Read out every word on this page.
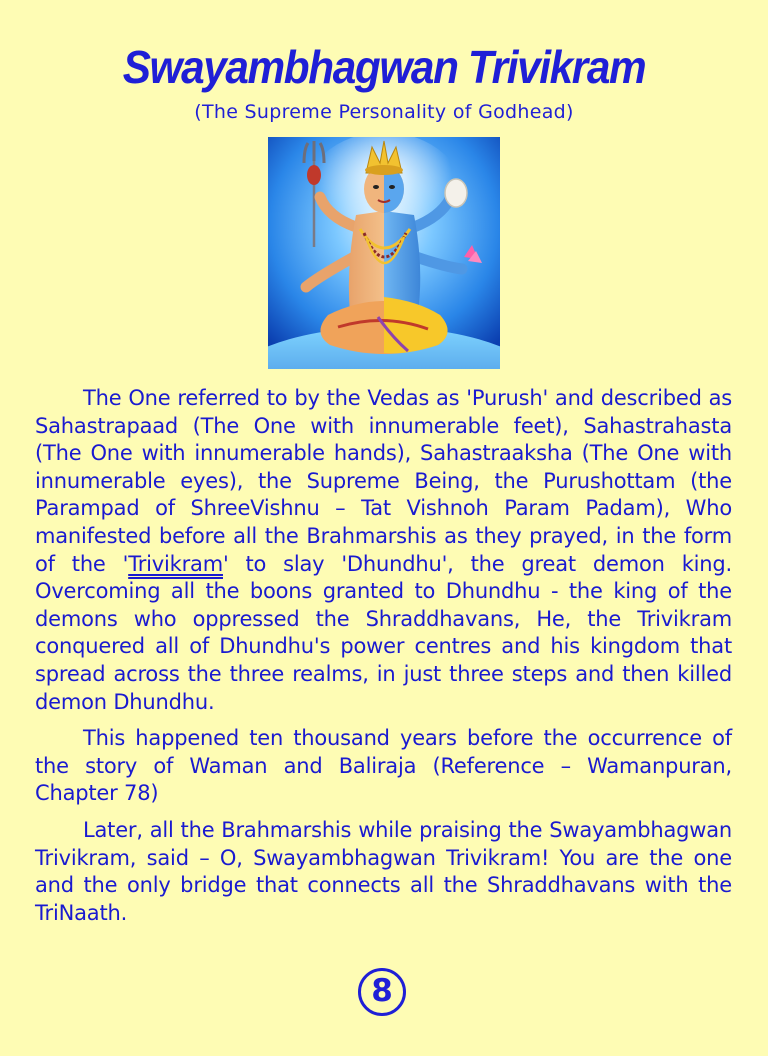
Swayambhagwan Trivikram
(The Supreme Personality of Godhead)

The One referred to by the Vedas as 'Purush' and described as Sahastrapaad (The One with innumerable feet), Sahastrahasta (The One with innumerable hands), Sahastraaksha (The One with innumerable eyes), the Supreme Being, the Purushottam (the Parampad of ShreeVishnu – Tat Vishnoh Param Padam), Who manifested before all the Brahmarshis as they prayed, in the form of the 'Trivikram' to slay 'Dhundhu', the great demon king. Overcoming all the boons granted to Dhundhu - the king of the demons who oppressed the Shraddhavans, He, the Trivikram conquered all of Dhundhu's power centres and his kingdom that spread across the three realms, in just three steps and then killed demon Dhundhu.

This happened ten thousand years before the occurrence of the story of Waman and Baliraja (Reference – Wamanpuran, Chapter 78)

Later, all the Brahmarshis while praising the Swayambhagwan Trivikram, said – O, Swayambhagwan Trivikram! You are the one and the only bridge that connects all the Shraddhavans with the TriNaath.

8
